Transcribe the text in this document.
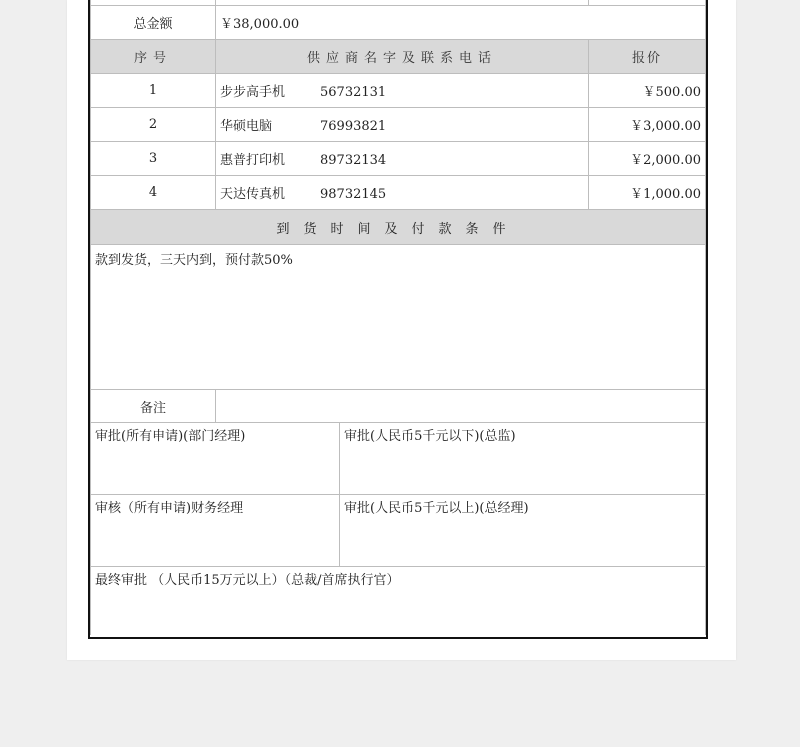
总金额	￥38,000.00	
序号	供应商名字及联系电话	报价
1	步步高手机 56732131	￥500.00
2	华硕电脑 76993821	￥3,000.00
3	惠普打印机 89732134	￥2,000.00
4	天达传真机 98732145	￥1,000.00
到货时间及付款条件		
款到发货，三天内到，预付款50%		
备注		
审批(所有申请)(部门经理)	审批(人民币5千元以下)(总监)
审核（所有申请)财务经理	审批(人民币5千元以上)(总经理)
最终审批 （人民币15万元以上）（总裁/首席执行官）	
